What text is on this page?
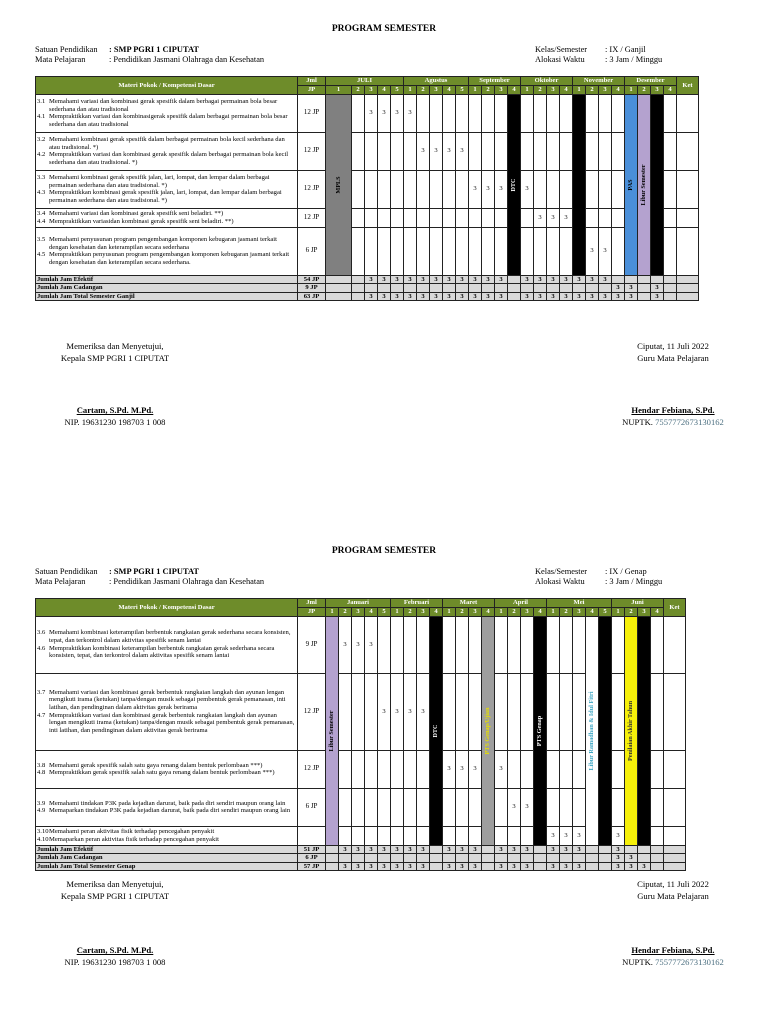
PROGRAM SEMESTER
Satuan Pendidikan	: SMP PGRI 1 CIPUTAT
Mata Pelajaran	: Pendidikan Jasmani Olahraga dan Kesehatan
Kelas/Semester	: IX / Ganjil
Alokasi Waktu	: 3 Jam / Minggu
Materi Pokok / Kompetensi Dasar	Jml	JULI					Agustus					September				Oktober				November				Desember				Ket
	JP	1	2	3	4	5	1	2	3	4	5	1	2	3	4	1	2	3	4	1	2	3	4	1	2	3	4	

3.1 Memahami variasi dan kombinasi gerak spesifik dalam berbagai permainan bola besar sederhana dan atau tradisional
4.1 Mempraktikkan variasi dan kombinasigerak spesifik dalam berbagai permainan bola besar sederhana dan atau tradisional	12 JP	MPLS		3	3	3	3								DTC									PAS	Libur Semester			

3.2 Memahami kombinasi gerak spesifik dalam berbagai permainan bola kecil sederhana dan atau tradisional. *)
4.2 Mempraktikkan variasi dan kombinasi gerak spesifik dalam berbagai permainan bola kecil sederhana dan atau tradisional. *)	12 JP							3	3	3	3																	

3.3 Memahami kombinasi gerak spesifik jalan, lari, lompat, dan lempar dalam berbagai permainan sederhana dan atau tradisional. *)
4.3 Mempraktikkan kombinasi gerak spesifik jalan, lari, lompat, dan lempar dalam berbagai permainan sederhana dan atau tradisional. *)	12 JP											3	3	3		3												

3.4 Memahami variasi dan kombinasi gerak spesifik seni beladiri. **)
4.4 Mempraktikkan variasidan kombinasi gerak spesifik seni beladiri. **)	12 JP																3	3	3									

3.5 Memahami penyusunan program pengembangan komponen kebugaran jasmani terkait dengan kesehatan dan keterampilan secara sederhana
4.5 Mempraktikkan penyusunan program pengembangan komponen kebugaran jasmani terkait dengan kesehatan dan keterampilan secara sederhana.	6 JP																				3	3						
Jumlah Jam Efektif	54 JP			3	3	3	3	3	3	3	3	3	3	3		3	3	3	3	3	3	3						
Jumlah Jam Cadangan	9 JP																						3	3		3		
Jumlah Jam Total Semester Ganjil	63 JP			3	3	3	3	3	3	3	3	3	3	3		3	3	3	3	3	3	3	3	3		3		
Memeriksa dan Menyetujui,
Kepala SMP PGRI 1 CIPUTAT
Ciputat, 11 Juli 2022
Guru Mata Pelajaran
Cartam, S.Pd. M.Pd.
NIP. 19631230 198703 1 008
Hendar Febiana, S.Pd.
NUPTK. 7557772673130162
PROGRAM SEMESTER
Satuan Pendidikan	: SMP PGRI 1 CIPUTAT
Mata Pelajaran	: Pendidikan Jasmani Olahraga dan Kesehatan
Kelas/Semester	: IX / Genap
Alokasi Waktu	: 3 Jam / Minggu
Materi Pokok / Kompetensi Dasar	Jml	Januari					Februari				Maret				April				Mei					Juni				Ket
	JP	1	2	3	4	5	1	2	3	4	1	2	3	4	1	2	3	4	1	2	3	4	5	1	2	3	4	

3.6 Memahami kombinasi keterampilan berbentuk rangkaian gerak sederhana secara konsisten, tepat, dan terkontrol dalam aktivitas spesifik senam lantai
4.6 Mempraktikkan kombinasi keterampilan berbentuk rangkaian gerak sederhana secara konsisten, tepat, dan terkontrol dalam aktivitas spesifik senam lantai	9 JP	Libur Semester	3	3	3					DTC				PTS Genap/Ujian				PTS Genap				Libur Ramadhan & Idul Fitri			Penilaian Akhir Tahun			

3.7 Memahami variasi dan kombinasi gerak berbentuk rangkaian langkah dan ayunan lengan mengikuti irama (ketukan) tanpa/dengan musik sebagai pembentuk gerak pemanasan, inti latihan, dan pendinginan dalam aktivitas gerak berirama
4.7 Mempraktikkan variasi dan kombinasi gerak berbentuk rangkaian langkah dan ayunan lengan mengikuti irama (ketukan) tanpa/dengan musik sebagai pembentuk gerak pemanasan, inti latihan, dan pendinginan dalam aktivitas gerak berirama	12 JP					3	3	3	3																			

3.8 Memahami gerak spesifik salah satu gaya renang dalam bentuk perlombaan ***)
4.8 Mempraktikkan gerak spesifik salah satu gaya renang dalam bentuk perlombaan ***)	12 JP										3	3	3		3													

3.9 Memahami tindakan P3K pada kejadian darurat, baik pada diri sendiri maupun orang lain
4.9 Memaparkan tindakan P3K pada kejadian darurat, baik pada diri sendiri maupun orang lain	6 JP															3	3											

3.10 Memahami peran aktivitas fisik terhadap pencegahan penyakit
4.10 Memaparkan peran aktivitas fisik terhadap pencegahan penyakit																			3	3	3			3				
Jumlah Jam Efektif	51 JP		3	3	3	3	3	3	3		3	3	3		3	3	3		3	3	3			3				
Jumlah Jam Cadangan	6 JP																							3	3			
Jumlah Jam Total Semester Genap	57 JP		3	3	3	3	3	3	3		3	3	3		3	3	3		3	3	3			3	3	3		
Memeriksa dan Menyetujui,
Kepala SMP PGRI 1 CIPUTAT
Ciputat, 11 Juli 2022
Guru Mata Pelajaran
Cartam, S.Pd. M.Pd.
NIP. 19631230 198703 1 008
Hendar Febiana, S.Pd.
NUPTK. 7557772673130162
